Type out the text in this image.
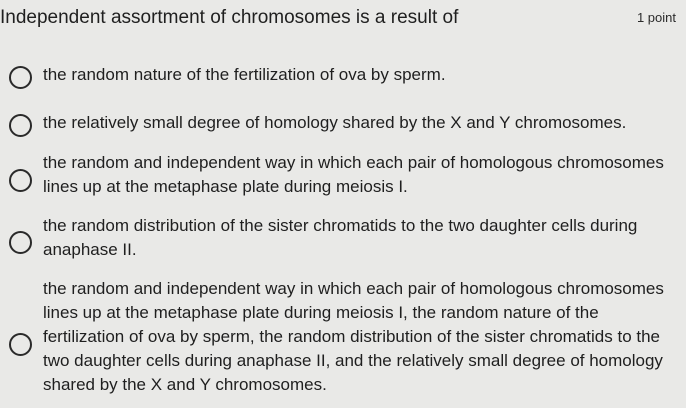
Independent assortment of chromosomes is a result of	1 point
the random nature of the fertilization of ova by sperm.
the relatively small degree of homology shared by the X and Y chromosomes.
the random and independent way in which each pair of homologous chromosomes lines up at the metaphase plate during meiosis I.
the random distribution of the sister chromatids to the two daughter cells during anaphase II.
the random and independent way in which each pair of homologous chromosomes lines up at the metaphase plate during meiosis I, the random nature of the fertilization of ova by sperm, the random distribution of the sister chromatids to the two daughter cells during anaphase II, and the relatively small degree of homology shared by the X and Y chromosomes.
